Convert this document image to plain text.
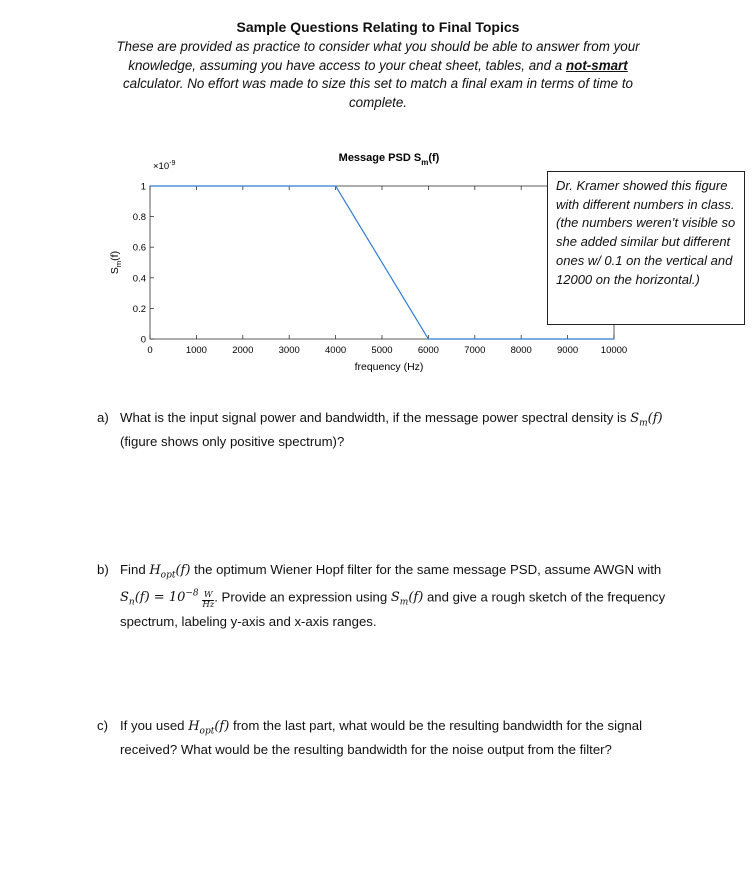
Sample Questions Relating to Final Topics
These are provided as practice to consider what you should be able to answer from your knowledge, assuming you have access to your cheat sheet, tables, and a not-smart calculator. No effort was made to size this set to match a final exam in terms of time to complete.
0	1000	2000	3000	4000	5000	6000	7000	8000	9000 10000
0
0.2
0.4
0.6
0.8
1
Message PSD $S_m(f)$
frequency (Hz)
$S_m(f)$
$\times 10^{-9}$
Dr. Kramer showed this figure with different numbers in class. (the numbers weren’t visible so she added similar but different ones w/ 0.1 on the vertical and 12000 on the horizontal.)
a) What is the input signal power and bandwidth, if the message power spectral density is $S_m(f)$ (figure shows only positive spectrum)?
b) Find $H_{opt}(f)$ the optimum Wiener Hopf filter for the same message PSD, assume AWGN with $S_n(f) = 10^{-8} \frac{W}{Hz}$ . Provide an expression using $S_m(f)$ and give a rough sketch of the frequency spectrum, labeling y-axis and x-axis ranges.
c) If you used $H_{opt}(f)$ from the last part, what would be the resulting bandwidth for the signal received? What would be the resulting bandwidth for the noise output from the filter?
